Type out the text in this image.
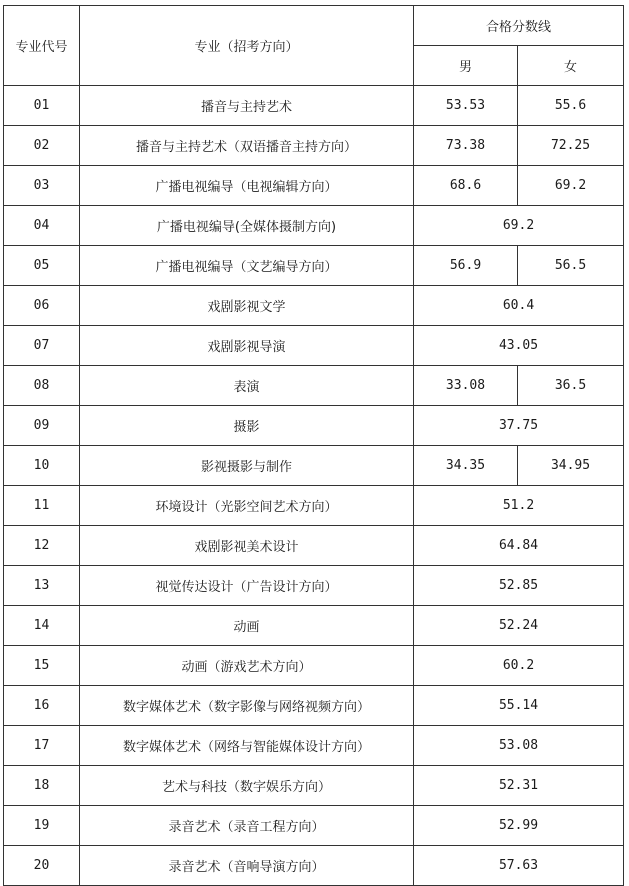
专业代号	专业（招考方向）	合格分数线	
		男	女
01	播音与主持艺术	53.53	55.6
02	播音与主持艺术（双语播音主持方向）	73.38	72.25
03	广播电视编导（电视编辑方向）	68.6	69.2
04	广播电视编导(全媒体摄制方向)	69.2	
05	广播电视编导（文艺编导方向）	56.9	56.5
06	戏剧影视文学	60.4	
07	戏剧影视导演	43.05	
08	表演	33.08	36.5
09	摄影	37.75	
10	影视摄影与制作	34.35	34.95
11	环境设计（光影空间艺术方向）	51.2	
12	戏剧影视美术设计	64.84	
13	视觉传达设计（广告设计方向）	52.85	
14	动画	52.24	
15	动画（游戏艺术方向）	60.2	
16	数字媒体艺术（数字影像与网络视频方向）	55.14	
17	数字媒体艺术（网络与智能媒体设计方向）	53.08	
18	艺术与科技（数字娱乐方向）	52.31	
19	录音艺术（录音工程方向）	52.99	
20	录音艺术（音响导演方向）	57.63	
